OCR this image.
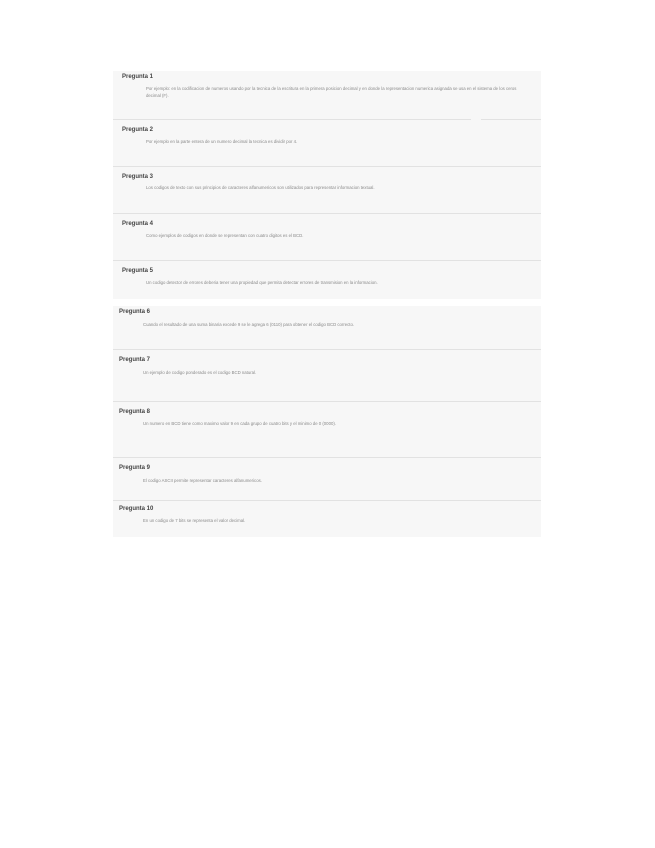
Pregunta 1
Por ejemplo: en la codificacion de numeros usando por la tecnica de la escritura en la primera posicion decimal y en donde la representacion numerica asignada se usa en el sistema de los ceros decimal (F).
Pregunta 2
Por ejemplo en la parte entera de un numero decimal la tecnica es dividir por 4.
Pregunta 3
Los codigos de texto con sus principios de caracteres alfanumericos son utilizados para representar informacion textual.
Pregunta 4
Como ejemplos de codigos en donde se representan con cuatro digitos es el BCD.
Pregunta 5
Un codigo detector de errores deberia tener una propiedad que permita detectar errores de transmision en la informacion.
Pregunta 6
Cuando el resultado de una suma binaria excede 9 se le agrega 6 (0110) para obtener el codigo BCD correcto.
Pregunta 7
Un ejemplo de codigo ponderado es el codigo BCD natural.
Pregunta 8
Un numero en BCD tiene como maximo valor 9 en cada grupo de cuatro bits y el minimo de 0 (0000).
Pregunta 9
El codigo ASCII permite representar caracteres alfanumericos.
Pregunta 10
En un codigo de 7 bits se representa el valor decimal.
